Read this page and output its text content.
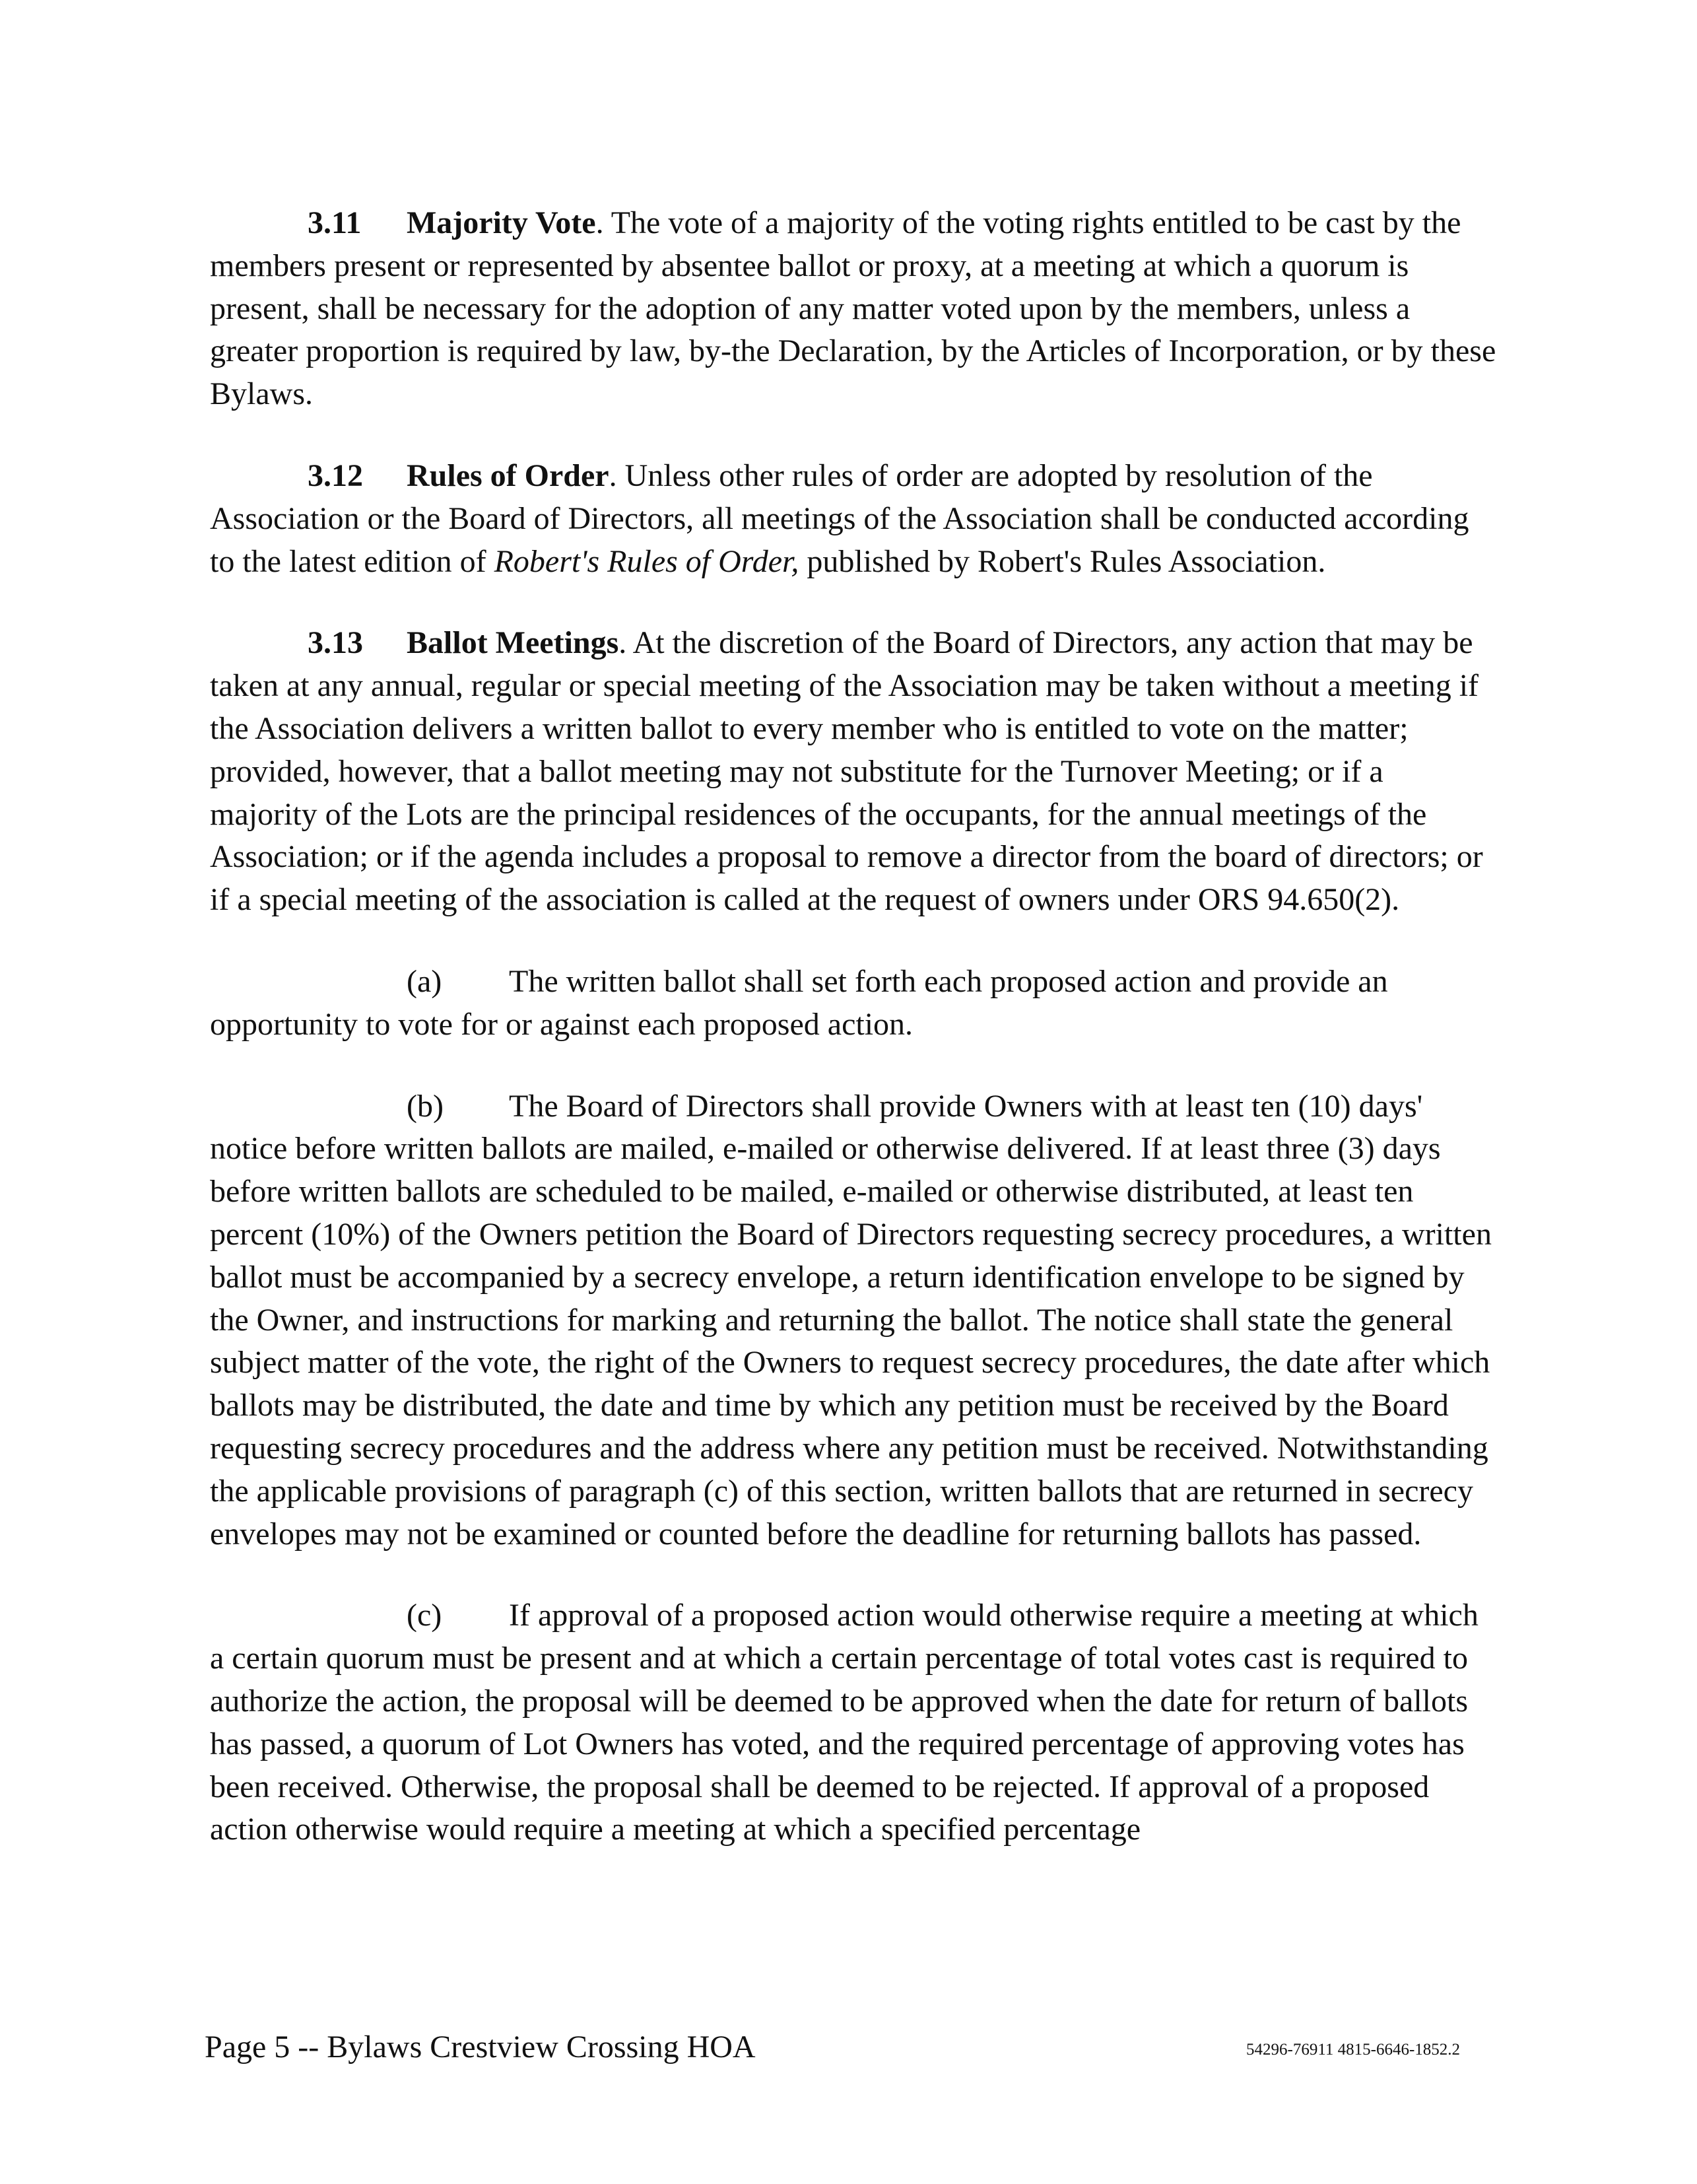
3.11 Majority Vote. The vote of a majority of the voting rights entitled to be cast by the members present or represented by absentee ballot or proxy, at a meeting at which a quorum is present, shall be necessary for the adoption of any matter voted upon by the members, unless a greater proportion is required by law, by-the Declaration, by the Articles of Incorporation, or by these Bylaws.

3.12 Rules of Order. Unless other rules of order are adopted by resolution of the Association or the Board of Directors, all meetings of the Association shall be conducted according to the latest edition of Robert's Rules of Order, published by Robert's Rules Association.

3.13 Ballot Meetings. At the discretion of the Board of Directors, any action that may be taken at any annual, regular or special meeting of the Association may be taken without a meeting if the Association delivers a written ballot to every member who is entitled to vote on the matter; provided, however, that a ballot meeting may not substitute for the Turnover Meeting; or if a majority of the Lots are the principal residences of the occupants, for the annual meetings of the Association; or if the agenda includes a proposal to remove a director from the board of directors; or if a special meeting of the association is called at the request of owners under ORS 94.650(2).

(a) The written ballot shall set forth each proposed action and provide an opportunity to vote for or against each proposed action.

(b) The Board of Directors shall provide Owners with at least ten (10) days' notice before written ballots are mailed, e-mailed or otherwise delivered. If at least three (3) days before written ballots are scheduled to be mailed, e-mailed or otherwise distributed, at least ten percent (10%) of the Owners petition the Board of Directors requesting secrecy procedures, a written ballot must be accompanied by a secrecy envelope, a return identification envelope to be signed by the Owner, and instructions for marking and returning the ballot. The notice shall state the general subject matter of the vote, the right of the Owners to request secrecy procedures, the date after which ballots may be distributed, the date and time by which any petition must be received by the Board requesting secrecy procedures and the address where any petition must be received. Notwithstanding the applicable provisions of paragraph (c) of this section, written ballots that are returned in secrecy envelopes may not be examined or counted before the deadline for returning ballots has passed.

(c) If approval of a proposed action would otherwise require a meeting at which a certain quorum must be present and at which a certain percentage of total votes cast is required to authorize the action, the proposal will be deemed to be approved when the date for return of ballots has passed, a quorum of Lot Owners has voted, and the required percentage of approving votes has been received. Otherwise, the proposal shall be deemed to be rejected. If approval of a proposed action otherwise would require a meeting at which a specified percentage

Page 5 -- Bylaws Crestview Crossing HOA	54296-76911 4815-6646-1852.2
